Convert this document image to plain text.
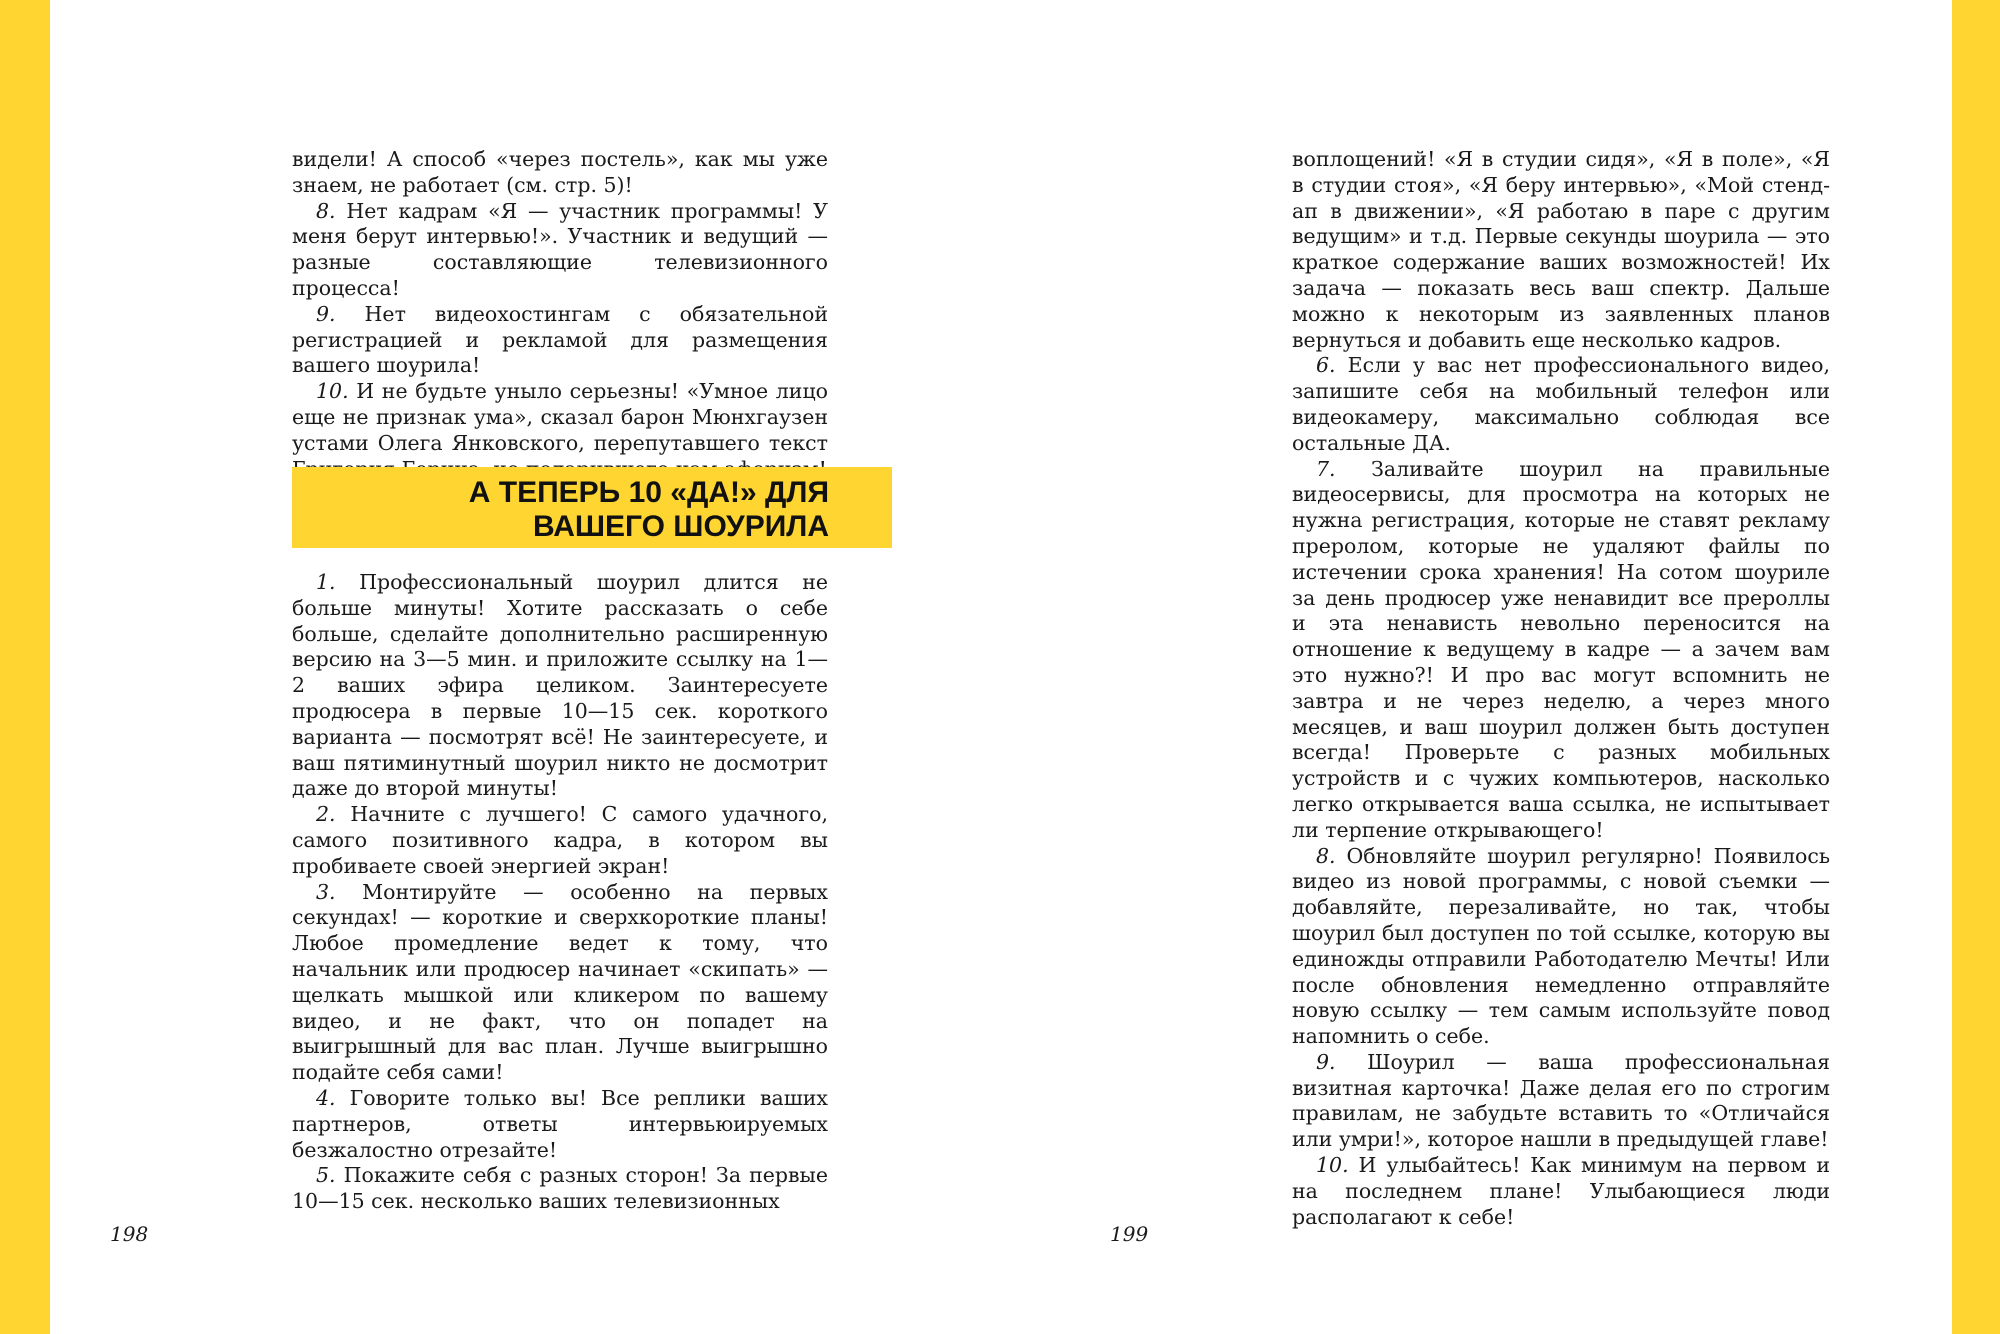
видели! А способ «через постель», как мы уже знаем, не работает (см. стр. 5)!

8. Нет кадрам «Я — участник программы! У меня берут интервью!». Участник и ведущий — разные составляющие телевизионного процесса!

9. Нет видеохостингам с обязательной регистрацией и рекламой для размещения вашего шоурила!

10. И не будьте уныло серьезны! «Умное лицо еще не признак ума», сказал барон Мюнхгаузен устами Олега Янковского, перепутавшего текст

А ТЕПЕРЬ 10 «ДА!» ДЛЯ
ВАШЕГО ШОУРИЛА

1. Профессиональный шоурил длится не больше минуты! Хотите рассказать о себе больше, сделайте дополнительно расширенную версию на 3—5 мин. и приложите ссылку на 1—2 ваших эфира целиком. Заинтересуете продюсера в первые 10—15 сек. короткого варианта — посмотрят всё! Не заинтересуете, и ваш пятиминутный шоурил никто не досмотрит даже до второй минуты!

2. Начните с лучшего! С самого удачного, самого позитивного кадра, в котором вы пробиваете своей энергией экран!

3. Монтируйте — особенно на первых секундах! — короткие и сверхкороткие планы! Любое промедление ведет к тому, что начальник или продюсер начинает «скипать» — щелкать мышкой или кликером по вашему видео, и не факт, что он попадет на выигрышный для вас план. Лучше выигрышно подайте себя сами!

4. Говорите только вы! Все реплики ваших партнеров, ответы интервьюируемых безжалостно отрезайте!

5. Покажите себя с разных сторон! За первые 10—15 сек. несколько ваших телевизионных

воплощений! «Я в студии сидя», «Я в поле», «Я в студии стоя», «Я беру интервью», «Мой стенд-ап в движении», «Я работаю в паре с другим ведущим» и т.д. Первые секунды шоурила — это краткое содержание ваших возможностей! Их задача — показать весь ваш спектр. Дальше можно к некоторым из заявленных планов вернуться и добавить еще несколько кадров.

6. Если у вас нет профессионального видео, запишите себя на мобильный телефон или видеокамеру, максимально соблюдая все остальные ДА.

7. Заливайте шоурил на правильные видеосервисы, для просмотра на которых не нужна регистрация, которые не ставят рекламу преролом, которые не удаляют файлы по истечении срока хранения! На сотом шоуриле за день продюсер уже ненавидит все прероллы и эта ненависть невольно переносится на отношение к ведущему в кадре — а зачем вам это нужно?! И про вас могут вспомнить не завтра и не через неделю, а через много месяцев, и ваш шоурил должен быть доступен всегда! Проверьте с разных мобильных устройств и с чужих компьютеров, насколько легко открывается ваша ссылка, не испытывает ли терпение открывающего!

8. Обновляйте шоурил регулярно! Появилось видео из новой программы, с новой съемки — добавляйте, перезаливайте, но так, чтобы шоурил был доступен по той ссылке, которую вы единожды отправили Работодателю Мечты! Или после обновления немедленно отправляйте новую ссылку — тем самым используйте повод напомнить о себе.

9. Шоурил — ваша профессиональная визитная карточка! Даже делая его по строгим правилам, не забудьте вставить то «Отличайся или умри!», которое нашли в предыдущей главе!

10. И улыбайтесь! Как минимум на первом и на последнем плане! Улыбающиеся люди располагают к себе!

198	199
